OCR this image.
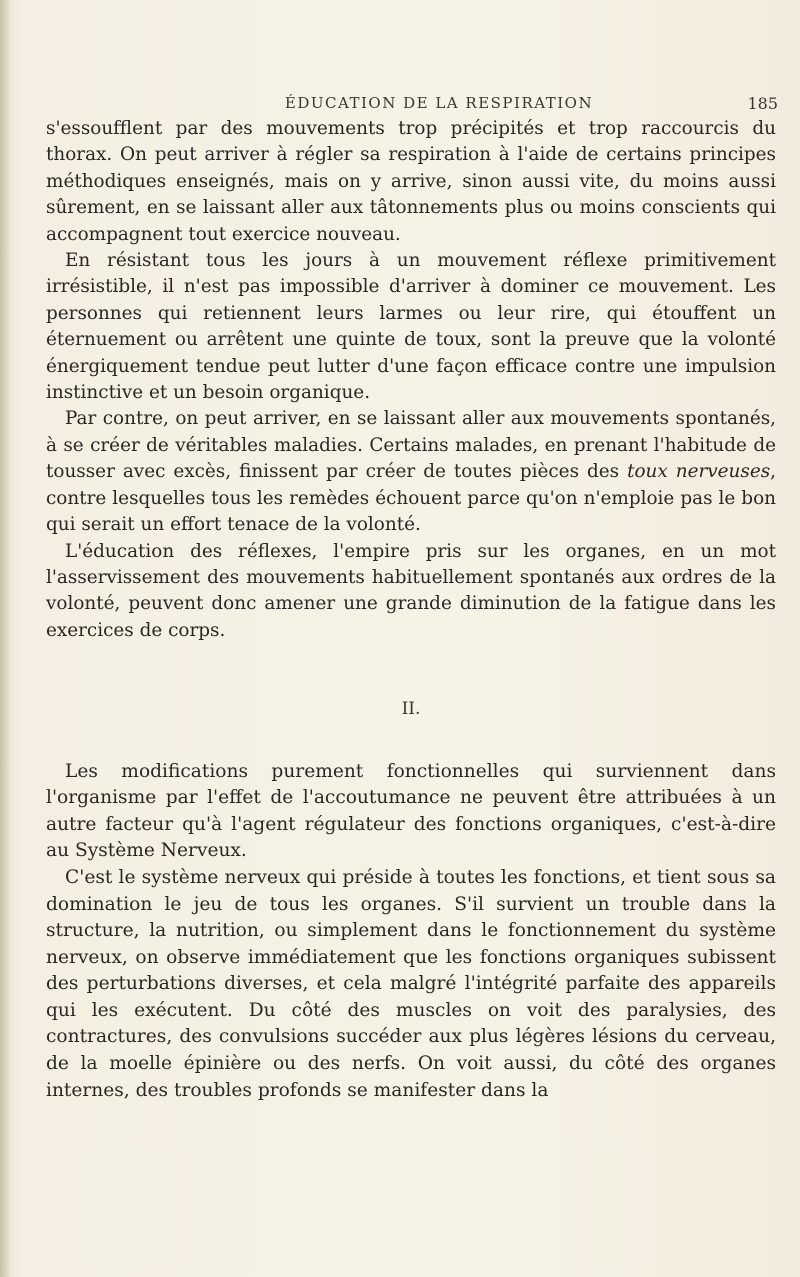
ÉDUCATION DE LA RESPIRATION	185

s'essoufflent par des mouvements trop précipités et trop raccourcis du thorax. On peut arriver à régler sa respiration à l'aide de certains principes méthodiques enseignés, mais on y arrive, sinon aussi vite, du moins aussi sûrement, en se laissant aller aux tâtonnements plus ou moins conscients qui accompagnent tout exercice nouveau.

En résistant tous les jours à un mouvement réflexe primitivement irrésistible, il n'est pas impossible d'arriver à dominer ce mouvement. Les personnes qui retiennent leurs larmes ou leur rire, qui étouffent un éternuement ou arrêtent une quinte de toux, sont la preuve que la volonté énergiquement tendue peut lutter d'une façon efficace contre une impulsion instinctive et un besoin organique.

Par contre, on peut arriver, en se laissant aller aux mouvements spontanés, à se créer de véritables maladies. Certains malades, en prenant l'habitude de tousser avec excès, finissent par créer de toutes pièces des toux nerveuses, contre lesquelles tous les remèdes échouent parce qu'on n'emploie pas le bon qui serait un effort tenace de la volonté.

L'éducation des réflexes, l'empire pris sur les organes, en un mot l'asservissement des mouvements habituellement spontanés aux ordres de la volonté, peuvent donc amener une grande diminution de la fatigue dans les exercices de corps.

II.

Les modifications purement fonctionnelles qui surviennent dans l'organisme par l'effet de l'accoutumance ne peuvent être attribuées à un autre facteur qu'à l'agent régulateur des fonctions organiques, c'est-à-dire au Système Nerveux.

C'est le système nerveux qui préside à toutes les fonctions, et tient sous sa domination le jeu de tous les organes. S'il survient un trouble dans la structure, la nutrition, ou simplement dans le fonctionnement du système nerveux, on observe immédiatement que les fonctions organiques subissent des perturbations diverses, et cela malgré l'intégrité parfaite des appareils qui les exécutent. Du côté des muscles on voit des paralysies, des contractures, des convulsions succéder aux plus légères lésions du cerveau, de la moelle épinière ou des nerfs. On voit aussi, du côté des organes internes, des troubles profonds se manifester dans la
